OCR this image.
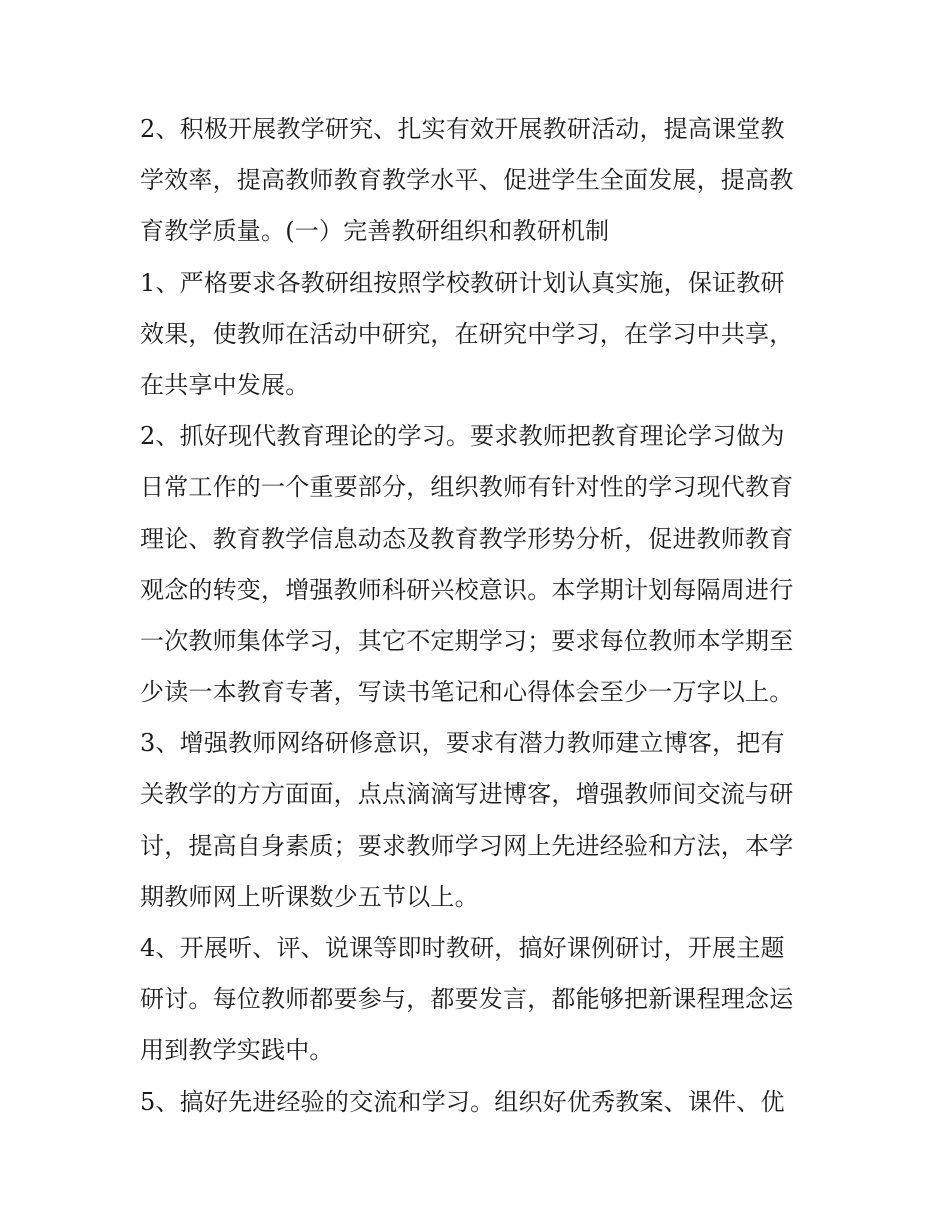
2、积极开展教学研究、扎实有效开展教研活动，提高课堂教
学效率，提高教师教育教学水平、促进学生全面发展，提高教
育教学质量。(一）完善教研组织和教研机制
1、严格要求各教研组按照学校教研计划认真实施，保证教研
效果，使教师在活动中研究，在研究中学习，在学习中共享，
在共享中发展。
2、抓好现代教育理论的学习。要求教师把教育理论学习做为
日常工作的一个重要部分，组织教师有针对性的学习现代教育
理论、教育教学信息动态及教育教学形势分析，促进教师教育
观念的转变，增强教师科研兴校意识。本学期计划每隔周进行
一次教师集体学习，其它不定期学习；要求每位教师本学期至
少读一本教育专著，写读书笔记和心得体会至少一万字以上。
3、增强教师网络研修意识，要求有潜力教师建立博客，把有
关教学的方方面面，点点滴滴写进博客，增强教师间交流与研
讨，提高自身素质；要求教师学习网上先进经验和方法，本学
期教师网上听课数少五节以上。
4、开展听、评、说课等即时教研，搞好课例研讨，开展主题
研讨。每位教师都要参与，都要发言，都能够把新课程理念运
用到教学实践中。
5、搞好先进经验的交流和学习。组织好优秀教案、课件、优
